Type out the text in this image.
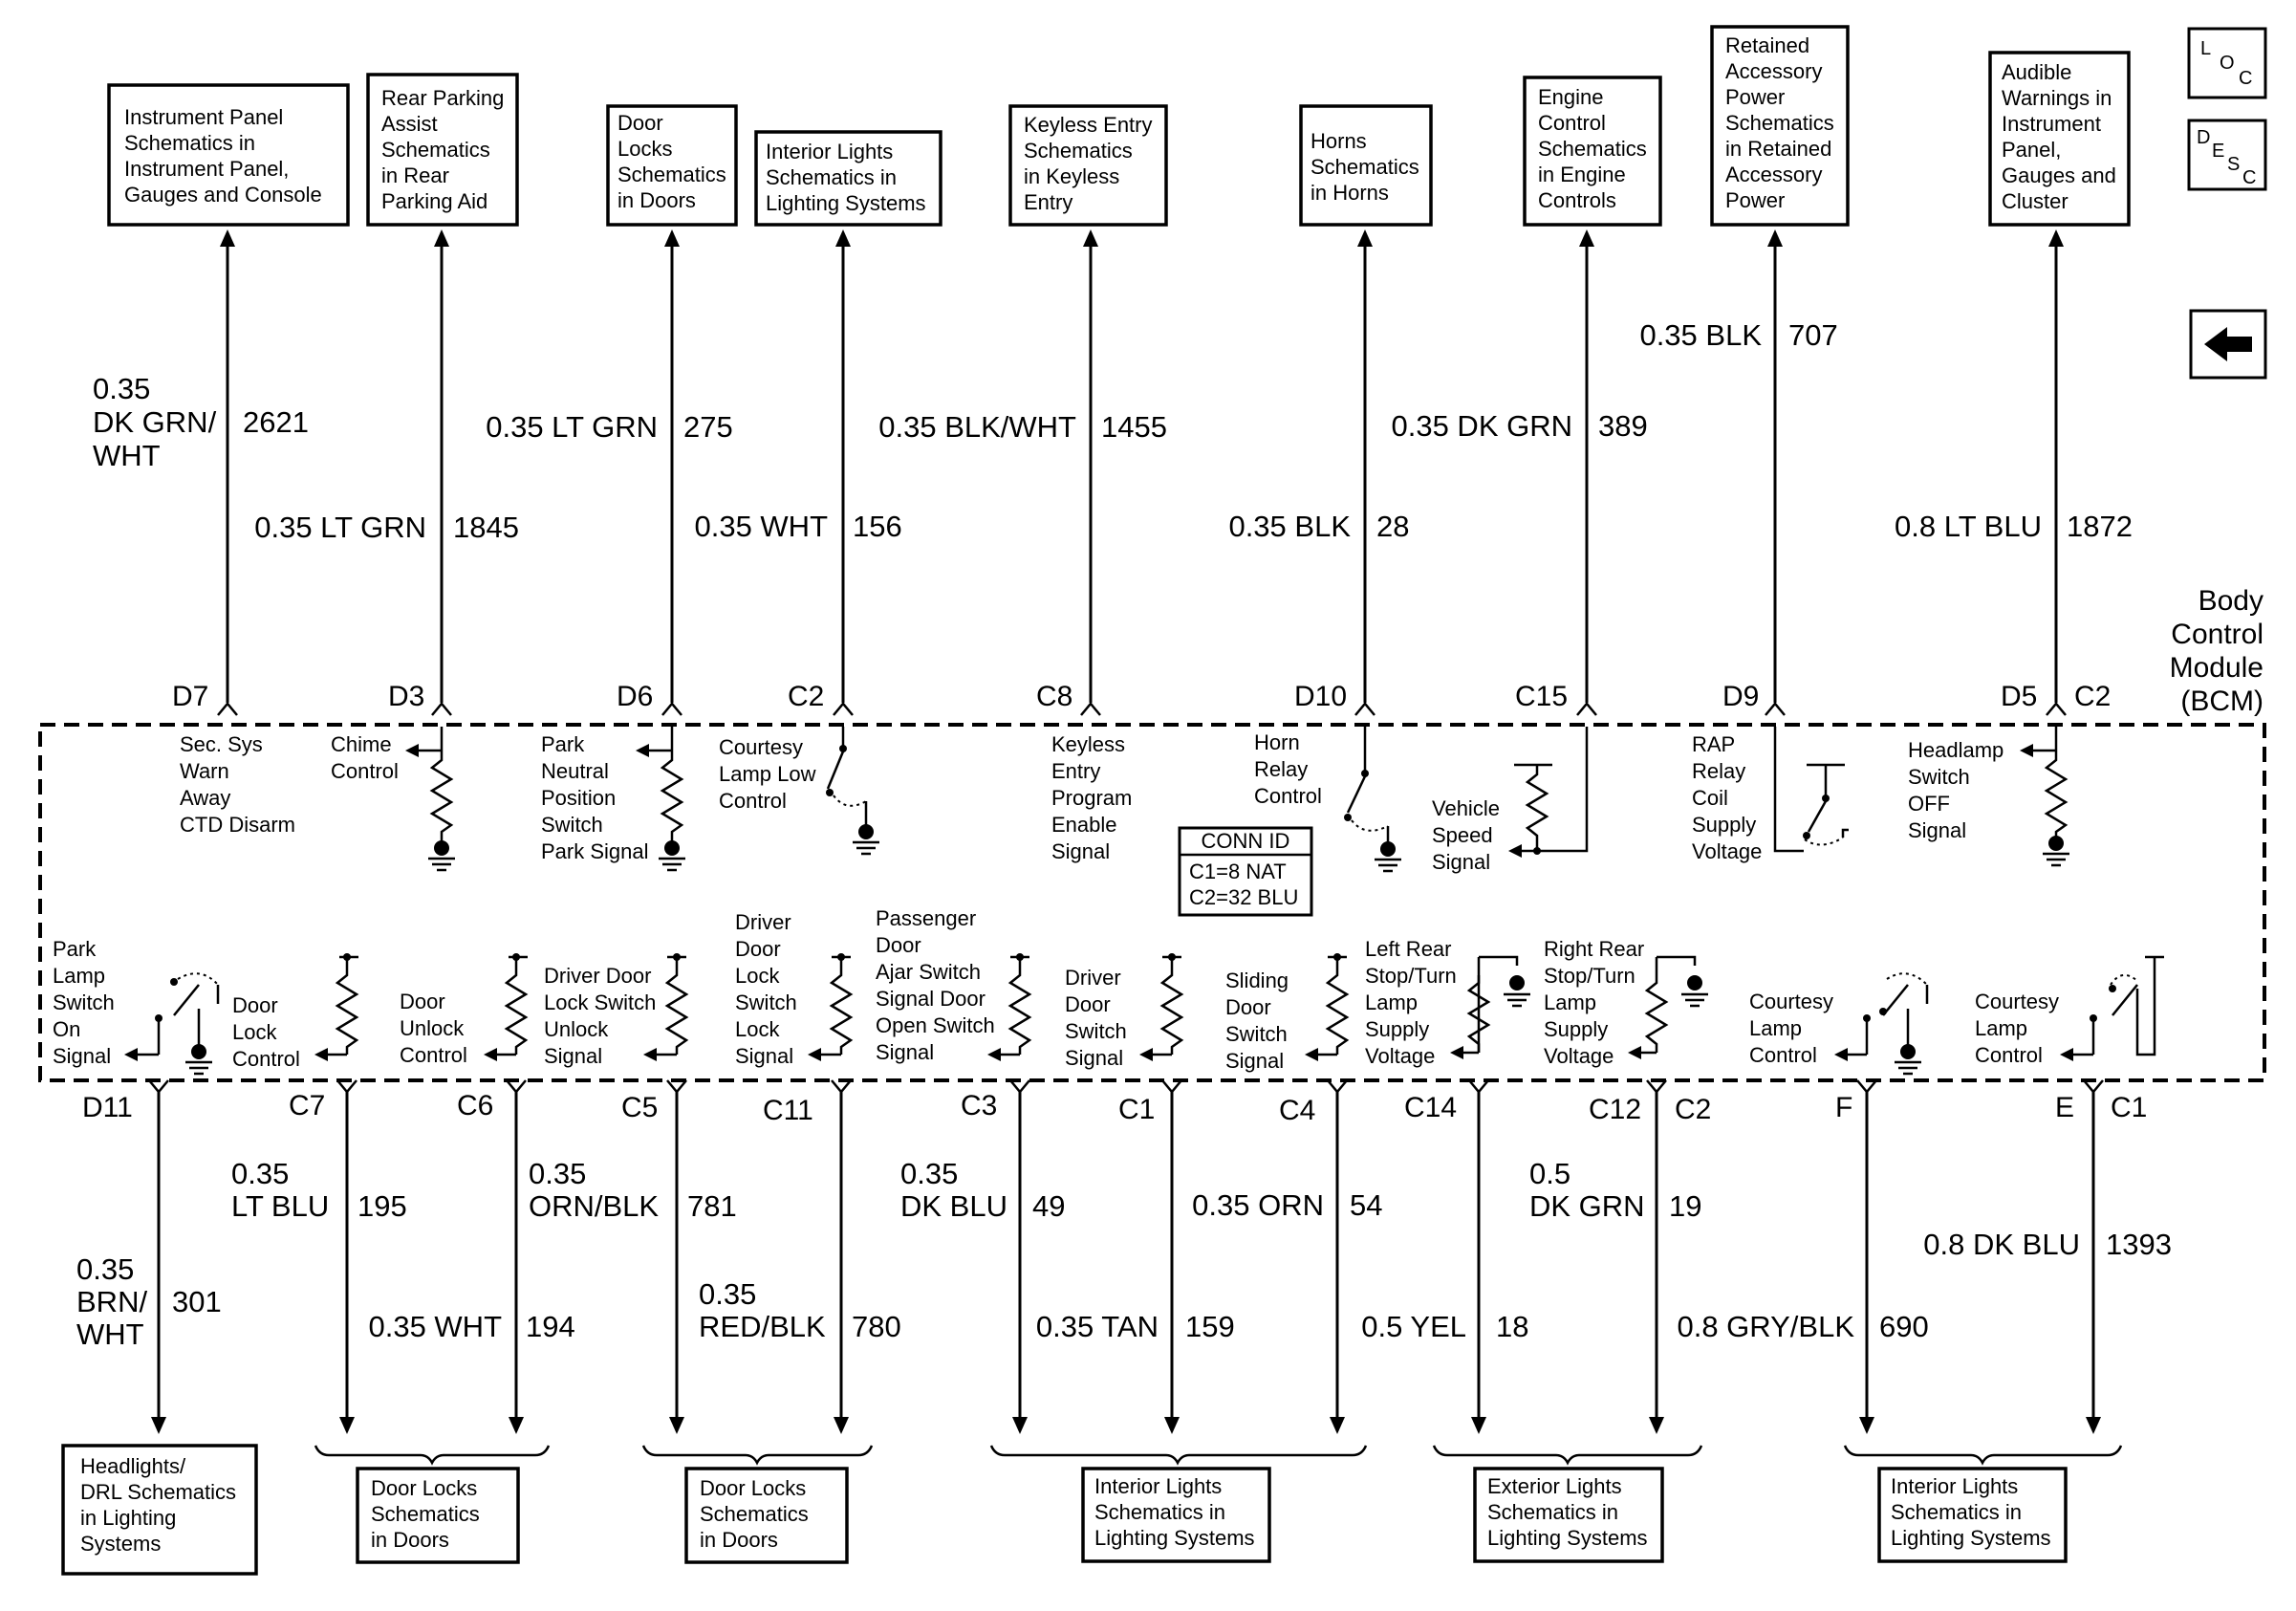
Instrument Panel Schematics in Instrument Panel, Gauges and Console
Rear Parking Assist Schematics in Rear Parking Aid
Door Locks Schematics in Doors
Interior Lights Schematics in Lighting Systems
Keyless Entry Schematics in Keyless Entry
Horns Schematics in Horns
Engine Control Schematics in Engine Controls
Retained Accessory Power Schematics in Retained Accessory Power
Audible Warnings in Instrument Panel, Gauges and Cluster
LOC
DESC
0.35 DK GRN/ WHT
2621
0.35 LT GRN 1845
0.35 LT GRN 275
0.35 WHT 156
0.35 BLK/WHT 1455
0.35 BLK 28
0.35 DK GRN 389
0.35 BLK 707
0.8 LT BLU 1872
D7	D3	D6	C2	C8	D10	C15	D9	D5 C2
Body Control Module (BCM)
Sec. Sys Warn Away CTD Disarm
Chime Control
Park Neutral Position Switch Park Signal
Courtesy Lamp Low Control
Keyless Entry Program Enable Signal
Horn Relay Control
Vehicle Speed Signal
RAP Relay Coil Supply Voltage
Headlamp Switch OFF Signal
CONN ID
C1=8 NAT
C2=32 BLU
Park Lamp Switch On Signal
Door Lock Control
Door Unlock Control
Driver Door Lock Switch Unlock Signal
Driver Door Lock Switch Lock Signal
Passenger Door Ajar Switch Signal Door Open Switch Signal
Driver Door Switch Signal
Sliding Door Switch Signal
Left Rear Stop/Turn Lamp Supply Voltage
Right Rear Stop/Turn Lamp Supply Voltage
Courtesy Lamp Control
Courtesy Lamp Control
D11	C7	C6	C5	C11	C3	C1	C4	C14	C12 C2	F	E C1
0.35 BRN/ WHT
301
0.35 LT BLU 195
0.35 WHT 194
0.35 ORN/BLK 781
0.35 RED/BLK 780
0.35 DK BLU 49
0.35 TAN 159
0.35 ORN 54
0.5 YEL 18
0.5 DK GRN 19
0.8 GRY/BLK 690
0.8 DK BLU 1393
Headlights/ DRL Schematics in Lighting Systems
Door Locks Schematics in Doors
Door Locks Schematics in Doors
Interior Lights Schematics in Lighting Systems
Exterior Lights Schematics in Lighting Systems
Interior Lights Schematics in Lighting Systems
